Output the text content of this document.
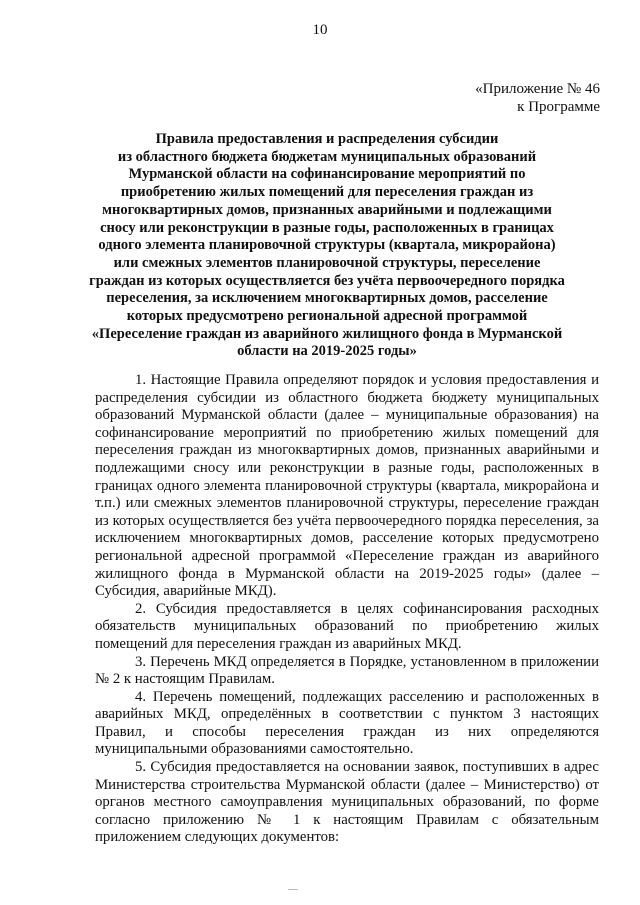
10
«Приложение № 46
к Программе
Правила предоставления и распределения субсидии
из областного бюджета бюджетам муниципальных образований
Мурманской области на софинансирование мероприятий по
приобретению жилых помещений для переселения граждан из
многоквартирных домов, признанных аварийными и подлежащими
сносу или реконструкции в разные годы, расположенных в границах
одного элемента планировочной структуры (квартала, микрорайона)
или смежных элементов планировочной структуры, переселение
граждан из которых осуществляется без учёта первоочередного порядка
переселения, за исключением многоквартирных домов, расселение
которых предусмотрено региональной адресной программой
«Переселение граждан из аварийного жилищного фонда в Мурманской
области на 2019-2025 годы»

1. Настоящие Правила определяют порядок и условия предоставления и распределения субсидии из областного бюджета бюджету муниципальных образований Мурманской области (далее – муниципальные образования) на софинансирование мероприятий по приобретению жилых помещений для переселения граждан из многоквартирных домов, признанных аварийными и подлежащими сносу или реконструкции в разные годы, расположенных в границах одного элемента планировочной структуры (квартала, микрорайона и т.п.) или смежных элементов планировочной структуры, переселение граждан из которых осуществляется без учёта первоочередного порядка переселения, за исключением многоквартирных домов, расселение которых предусмотрено региональной адресной программой «Переселение граждан из аварийного жилищного фонда в Мурманской области на 2019-2025 годы» (далее – Субсидия, аварийные МКД).

2. Субсидия предоставляется в целях софинансирования расходных обязательств муниципальных образований по приобретению жилых помещений для переселения граждан из аварийных МКД.

3. Перечень МКД определяется в Порядке, установленном в приложении № 2 к настоящим Правилам.

4. Перечень помещений, подлежащих расселению и расположенных в аварийных МКД, определённых в соответствии с пунктом 3 настоящих Правил, и способы переселения граждан из них определяются муниципальными образованиями самостоятельно.

5. Субсидия предоставляется на основании заявок, поступивших в адрес Министерства строительства Мурманской области (далее – Министерство) от органов местного самоуправления муниципальных образований, по форме согласно приложению № 1 к настоящим Правилам с обязательным приложением следующих документов:
